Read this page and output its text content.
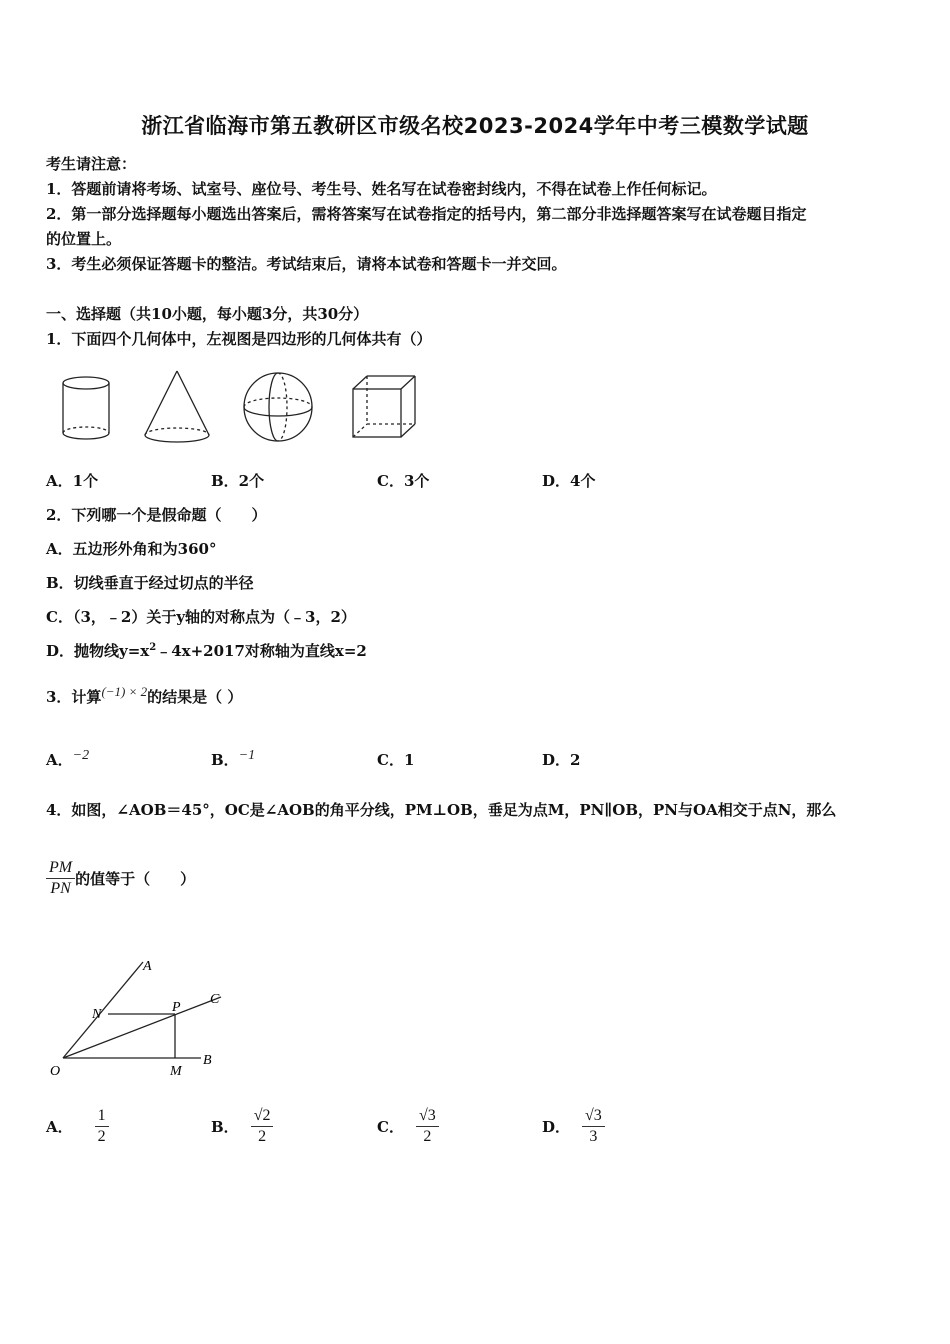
浙江省临海市第五教研区市级名校2023-2024学年中考三模数学试题
考生请注意：
1．答题前请将考场、试室号、座位号、考生号、姓名写在试卷密封线内，不得在试卷上作任何标记。
2．第一部分选择题每小题选出答案后，需将答案写在试卷指定的括号内，第二部分非选择题答案写在试卷题目指定
的位置上。
3．考生必须保证答题卡的整洁。考试结束后，请将本试卷和答题卡一并交回。
一、选择题（共10小题，每小题3分，共30分）
1．下面四个几何体中，左视图是四边形的几何体共有（）
A．1个	B．2个	C．3个	D．4个
2．下列哪一个是假命题（　　）
A．五边形外角和为360°
B．切线垂直于经过切点的半径
C．（3，﹣2）关于y轴的对称点为（﹣3，2）
D．抛物线$y=x^2﹣4x+2017$对称轴为直线x=2
3．计算(−1) × 2的结果是（ ）
A．−2	B．−1	C．1	D．2
4．如图，∠AOB＝45°，OC是∠AOB的角平分线，PM⊥OB，垂足为点M，PN∥OB，PN与OA相交于点N，那么
$\frac{PM}{PN}$ 的值等于（　　）
A
C
N	P
O	M
B
A． $\frac{1}{2}$	B． $\frac{√2}{2}$	C． $\frac{√3}{2}$	D． $\frac{√3}{3}$
